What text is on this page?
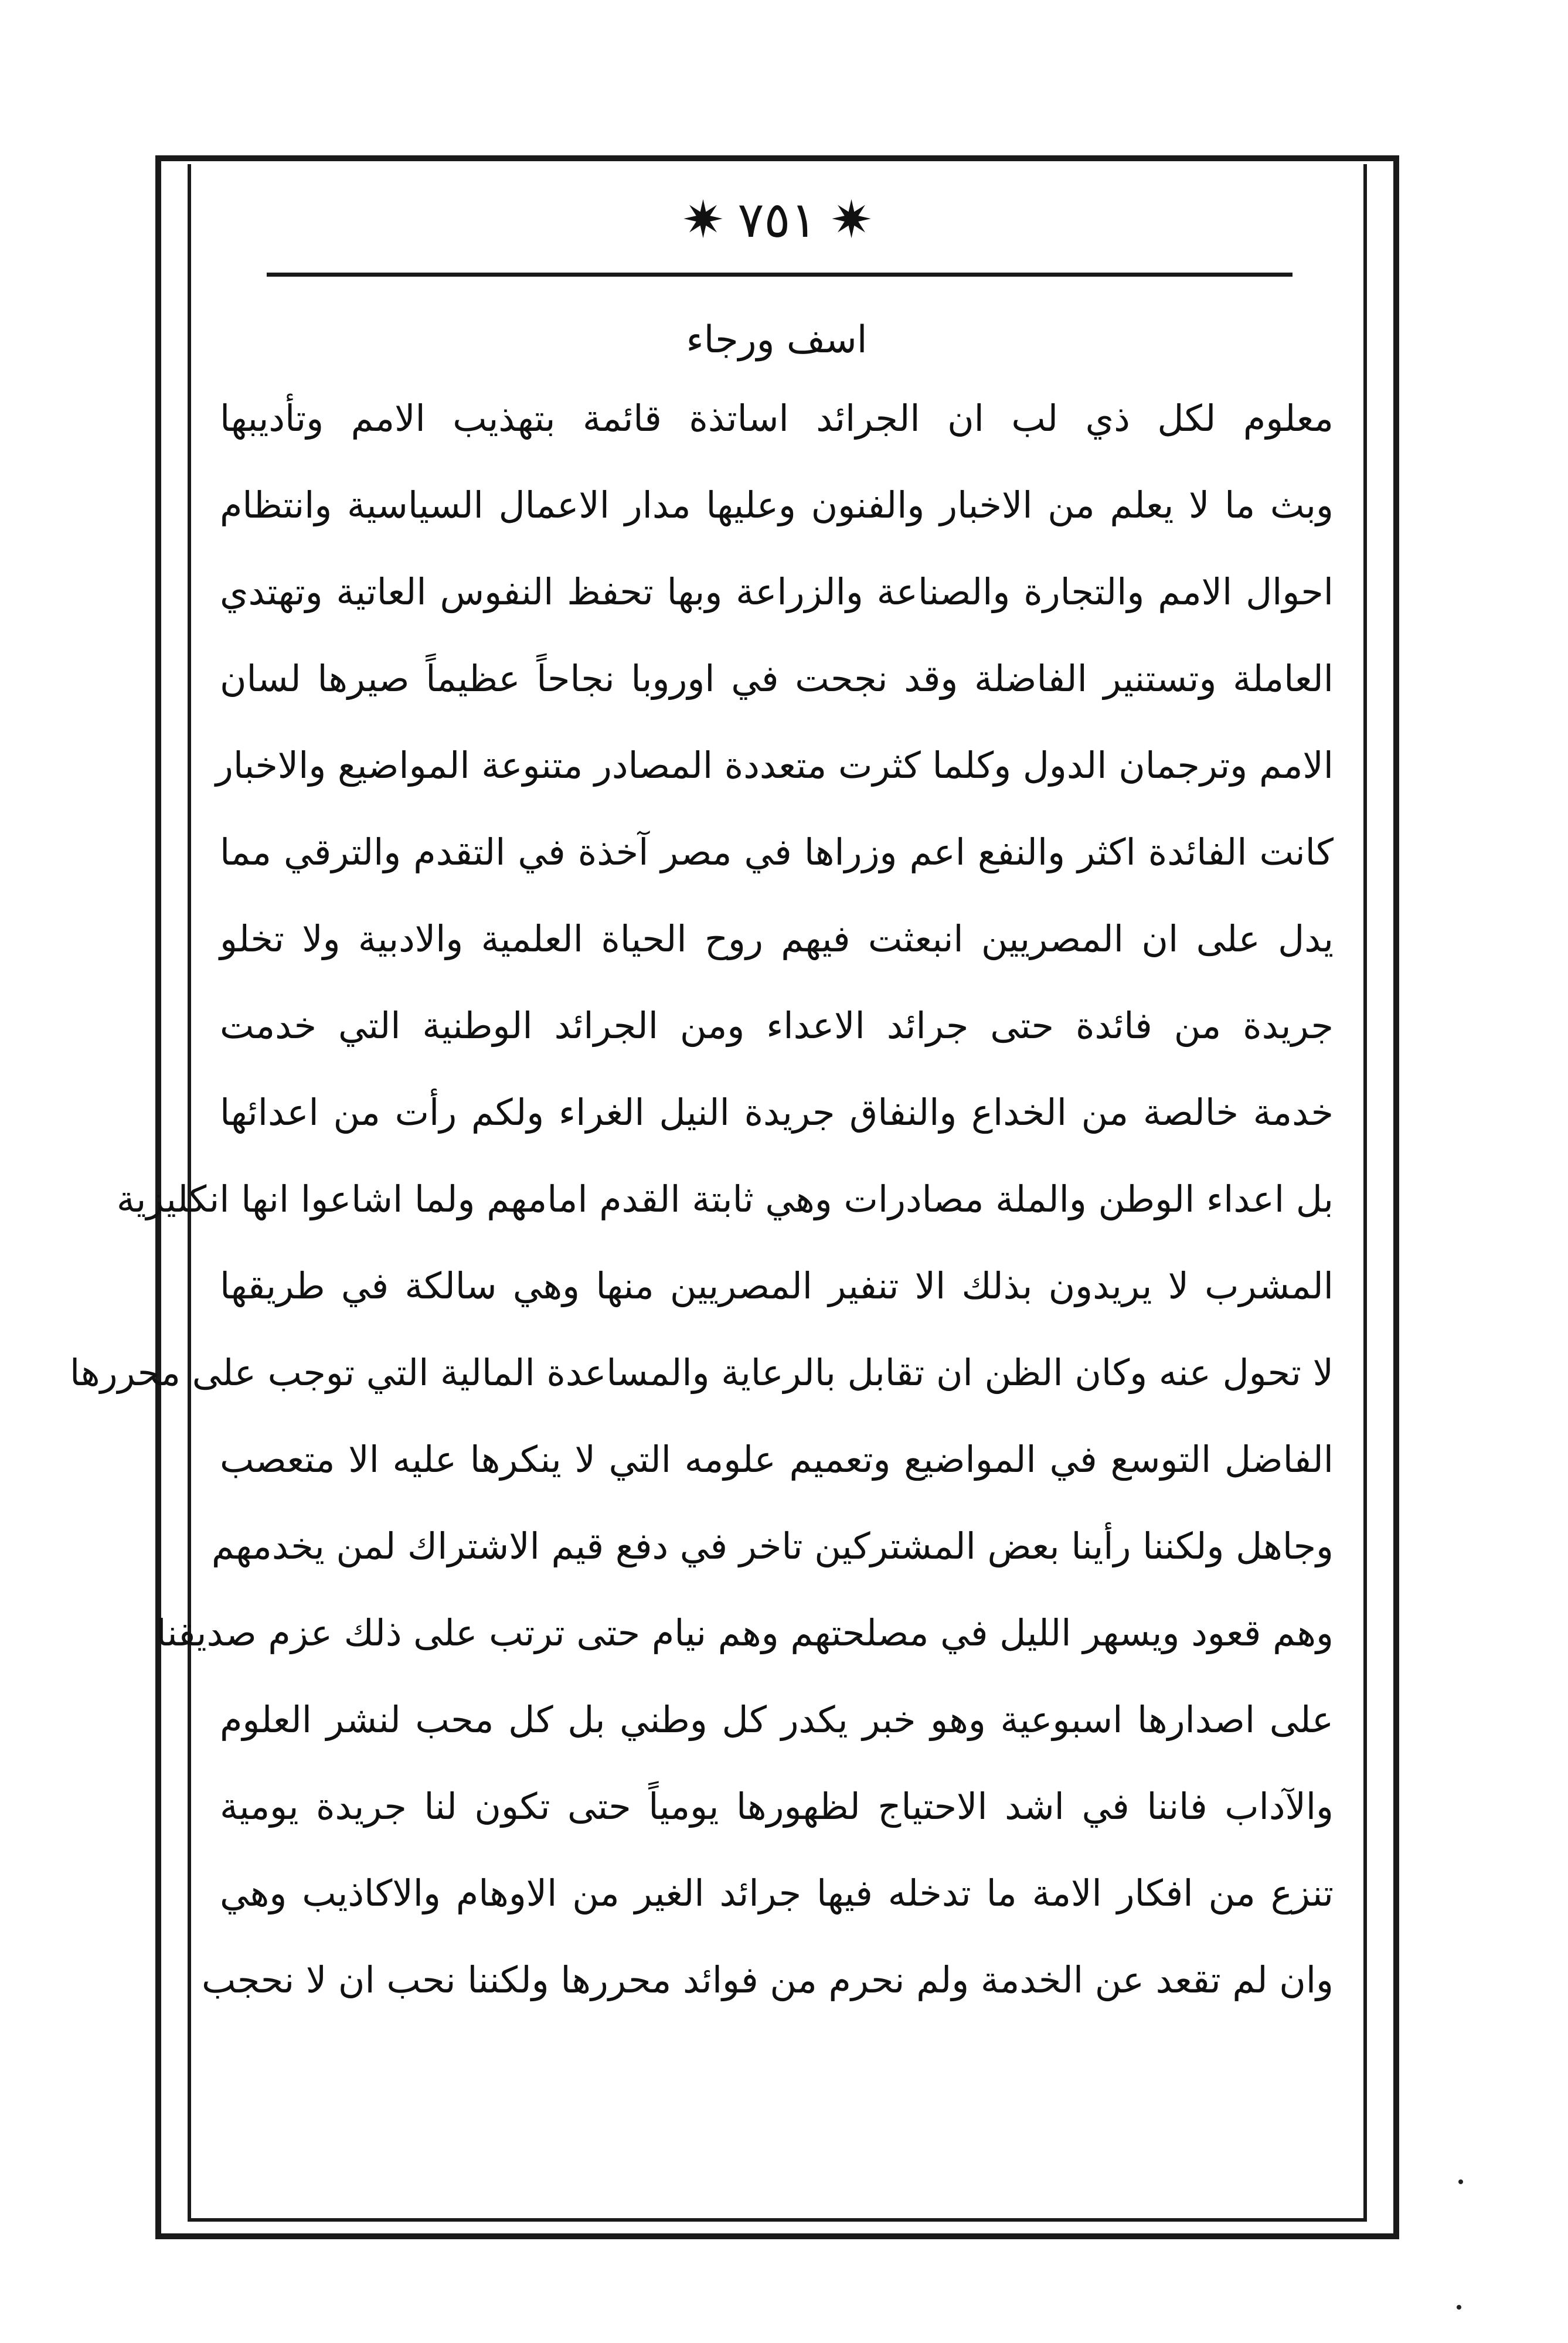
✷ ٧٥١ ✷
اسف ورجاء
معلوم لكل ذي لب ان الجرائد اساتذة قائمة بتهذيب الامم وتأديبها
وبث ما لا يعلم من الاخبار والفنون وعليها مدار الاعمال السياسية وانتظام
احوال الامم والتجارة والصناعة والزراعة وبها تحفظ النفوس العاتية وتهتدي
العاملة وتستنير الفاضلة وقد نجحت في اوروبا نجاحاً عظيماً صيرها لسان
الامم وترجمان الدول وكلما كثرت متعددة المصادر متنوعة المواضيع والاخبار
كانت الفائدة اكثر والنفع اعم وزراها في مصر آخذة في التقدم والترقي مما
يدل على ان المصريين انبعثت فيهم روح الحياة العلمية والادبية ولا تخلو
جريدة من فائدة حتى جرائد الاعداء ومن الجرائد الوطنية التي خدمت
خدمة خالصة من الخداع والنفاق جريدة النيل الغراء ولكم رأت من اعدائها
بل اعداء الوطن والملة مصادرات وهي ثابتة القدم امامهم ولما اشاعوا انها انكليزية
المشرب لا يريدون بذلك الا تنفير المصريين منها وهي سالكة في طريقها
لا تحول عنه وكان الظن ان تقابل بالرعاية والمساعدة المالية التي توجب على محررها
الفاضل التوسع في المواضيع وتعميم علومه التي لا ينكرها عليه الا متعصب
وجاهل ولكننا رأينا بعض المشتركين تاخر في دفع قيم الاشتراك لمن يخدمهم
وهم قعود ويسهر الليل في مصلحتهم وهم نيام حتى ترتب على ذلك عزم صديقنا
على اصدارها اسبوعية وهو خبر يكدر كل وطني بل كل محب لنشر العلوم
والآداب فاننا في اشد الاحتياج لظهورها يومياً حتى تكون لنا جريدة يومية
تنزع من افكار الامة ما تدخله فيها جرائد الغير من الاوهام والاكاذيب وهي
وان لم تقعد عن الخدمة ولم نحرم من فوائد محررها ولكننا نحب ان لا نحجب
